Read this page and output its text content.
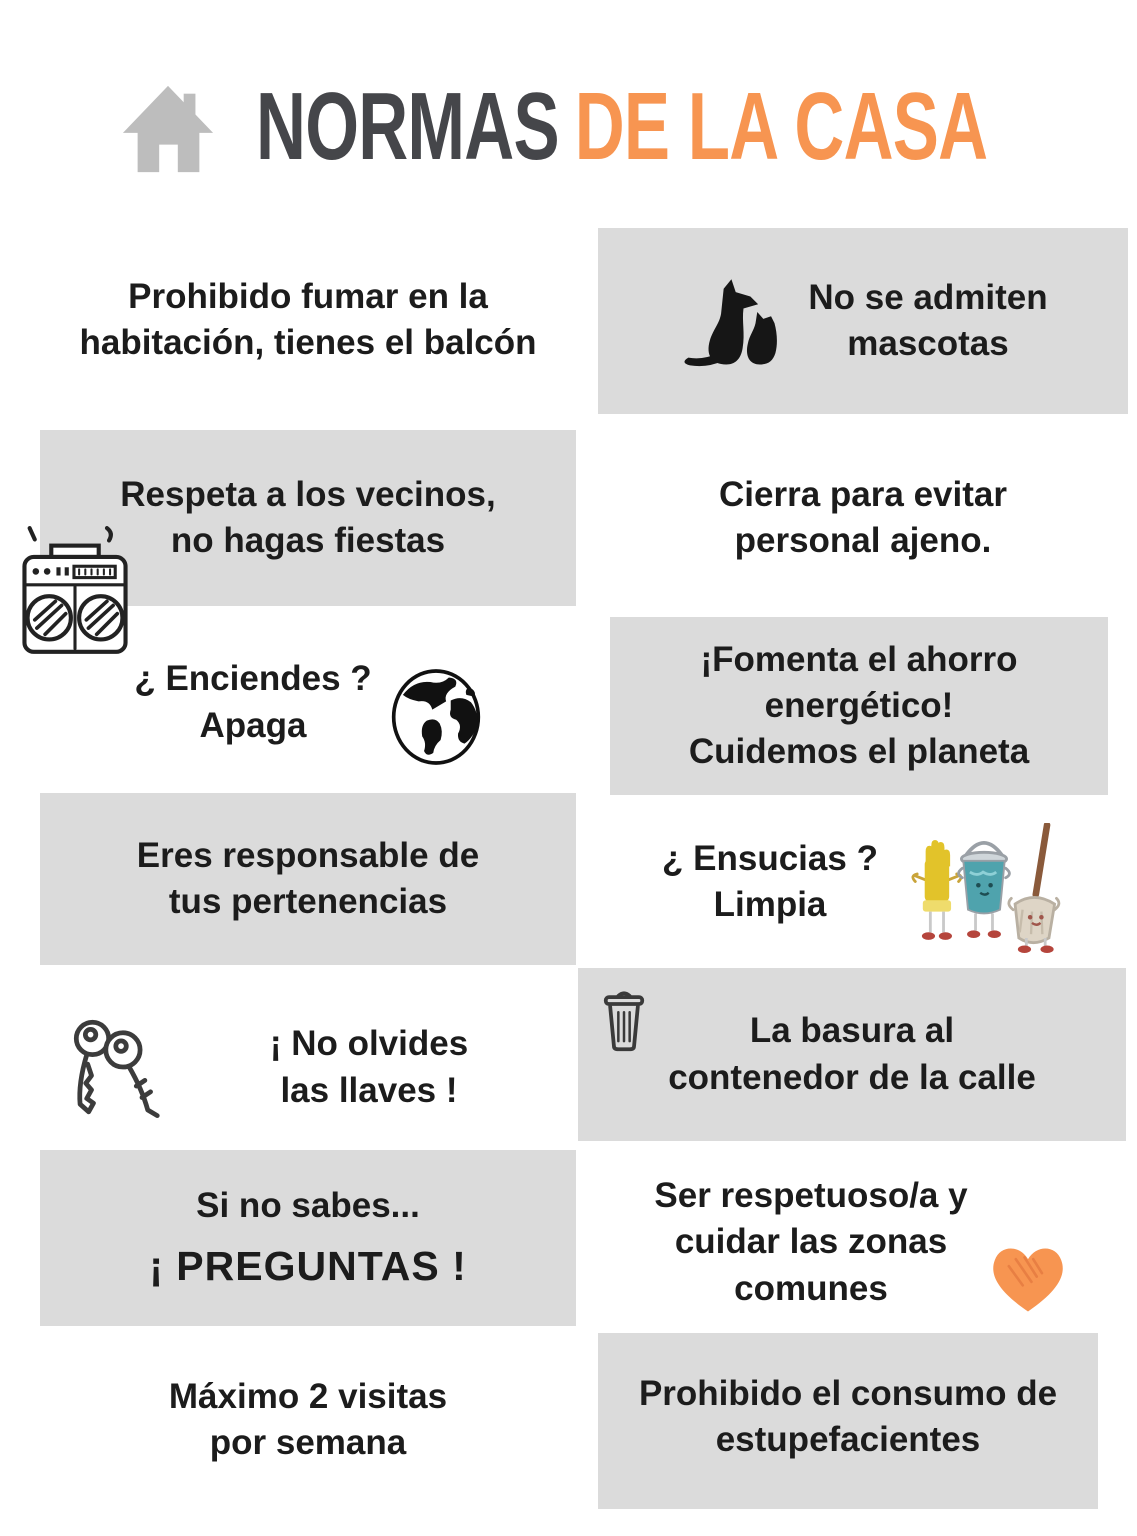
NORMAS DE LA CASA
Prohibido fumar en la
habitación, tienes el balcón
No se admiten
mascotas
Respeta a los vecinos,
no hagas fiestas
Cierra para evitar
personal ajeno.
¿ Enciendes ?
Apaga
¡Fomenta el ahorro
energético!
Cuidemos el planeta
Eres responsable de
tus pertenencias
¿ Ensucias ?
Limpia
¡ No olvides
las llaves !
La basura al
contenedor de la calle
Si no sabes...
¡ PREGUNTAS !
Ser respetuoso/a y
cuidar las zonas
comunes
Máximo 2 visitas
por semana
Prohibido el consumo de
estupefacientes
